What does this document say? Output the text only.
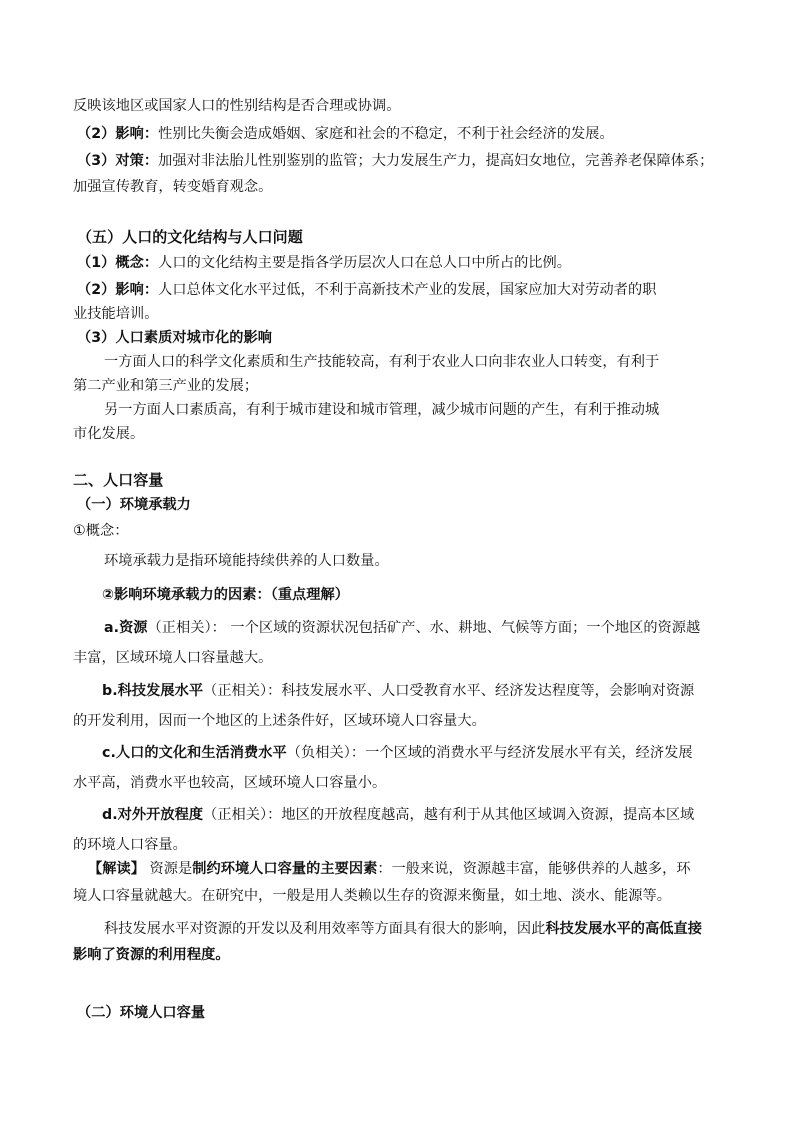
反映该地区或国家人口的性别结构是否合理或协调。
（2）影响：性别比失衡会造成婚姻、家庭和社会的不稳定，不利于社会经济的发展。
（3）对策：加强对非法胎儿性别鉴别的监管；大力发展生产力，提高妇女地位，完善养老保障体系；
加强宣传教育，转变婚育观念。
（五）人口的文化结构与人口问题
（1）概念：人口的文化结构主要是指各学历层次人口在总人口中所占的比例。
（2）影响：人口总体文化水平过低，不利于高新技术产业的发展，国家应加大对劳动者的职
业技能培训。
（3）人口素质对城市化的影响
一方面人口的科学文化素质和生产技能较高，有利于农业人口向非农业人口转变，有利于
第二产业和第三产业的发展；
另一方面人口素质高，有利于城市建设和城市管理，减少城市问题的产生，有利于推动城
市化发展。
二、人口容量
（一）环境承载力
①概念：
环境承载力是指环境能持续供养的人口数量。
②影响环境承载力的因素：（重点理解）
a.资源（正相关）： 一个区域的资源状况包括矿产、水、耕地、气候等方面；一个地区的资源越
丰富，区域环境人口容量越大。
b.科技发展水平（正相关）：科技发展水平、人口受教育水平、经济发达程度等，会影响对资源
的开发利用，因而一个地区的上述条件好，区域环境人口容量大。
c.人口的文化和生活消费水平（负相关）：一个区域的消费水平与经济发展水平有关，经济发展
水平高，消费水平也较高，区域环境人口容量小。
d.对外开放程度（正相关）：地区的开放程度越高，越有利于从其他区域调入资源，提高本区域
的环境人口容量。
【解读】 资源是制约环境人口容量的主要因素：一般来说，资源越丰富，能够供养的人越多，环
境人口容量就越大。在研究中，一般是用人类赖以生存的资源来衡量，如土地、淡水、能源等。
科技发展水平对资源的开发以及利用效率等方面具有很大的影响，因此科技发展水平的高低直接
影响了资源的利用程度。
（二）环境人口容量
